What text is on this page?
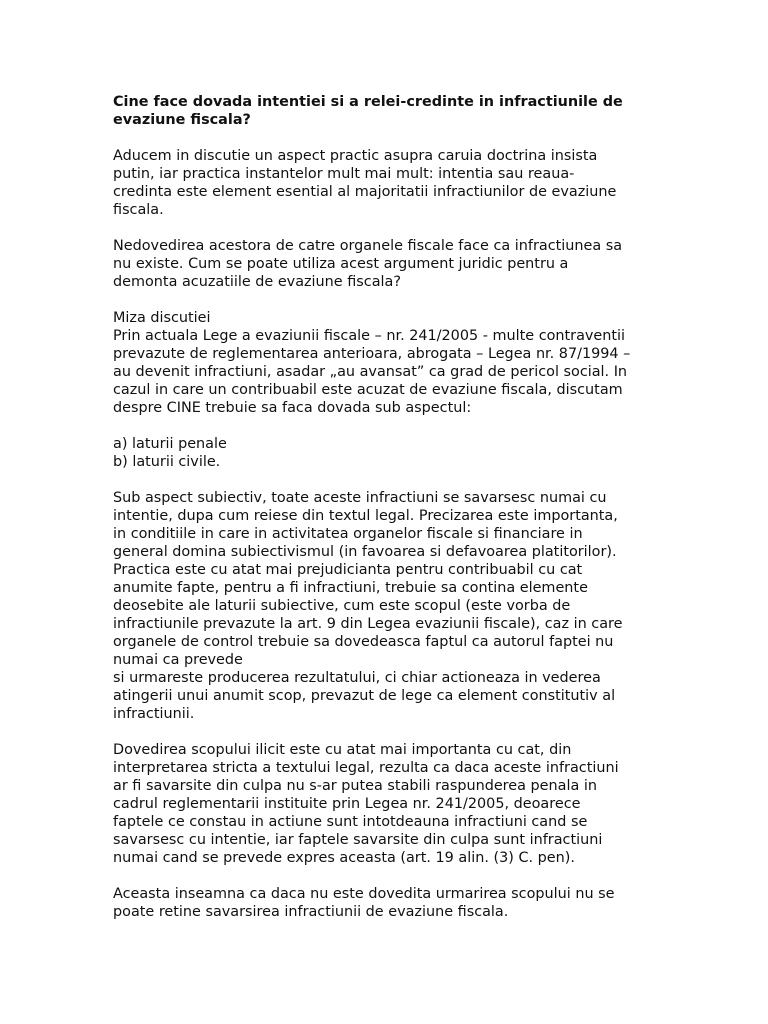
Cine face dovada intentiei si a relei-credinte in infractiunile de
evaziune fiscala?
Aducem in discutie un aspect practic asupra caruia doctrina insista
putin, iar practica instantelor mult mai mult: intentia sau reaua-
credinta este element esential al majoritatii infractiunilor de evaziune
fiscala.
Nedovedirea acestora de catre organele fiscale face ca infractiunea sa
nu existe. Cum se poate utiliza acest argument juridic pentru a
demonta acuzatiile de evaziune fiscala?
Miza discutiei
Prin actuala Lege a evaziunii fiscale – nr. 241/2005 - multe contraventii
prevazute de reglementarea anterioara, abrogata – Legea nr. 87/1994 –
au devenit infractiuni, asadar „au avansat” ca grad de pericol social. In
cazul in care un contribuabil este acuzat de evaziune fiscala, discutam
despre CINE trebuie sa faca dovada sub aspectul:
a) laturii penale
b) laturii civile.
Sub aspect subiectiv, toate aceste infractiuni se savarsesc numai cu
intentie, dupa cum reiese din textul legal. Precizarea este importanta,
in conditiile in care in activitatea organelor fiscale si financiare in
general domina subiectivismul (in favoarea si defavoarea platitorilor).
Practica este cu atat mai prejudicianta pentru contribuabil cu cat
anumite fapte, pentru a fi infractiuni, trebuie sa contina elemente
deosebite ale laturii subiective, cum este scopul (este vorba de
infractiunile prevazute la art. 9 din Legea evaziunii fiscale), caz in care
organele de control trebuie sa dovedeasca faptul ca autorul faptei nu
numai ca prevede
si urmareste producerea rezultatului, ci chiar actioneaza in vederea
atingerii unui anumit scop, prevazut de lege ca element constitutiv al
infractiunii.
Dovedirea scopului ilicit este cu atat mai importanta cu cat, din
interpretarea stricta a textului legal, rezulta ca daca aceste infractiuni
ar fi savarsite din culpa nu s-ar putea stabili raspunderea penala in
cadrul reglementarii instituite prin Legea nr. 241/2005, deoarece
faptele ce constau in actiune sunt intotdeauna infractiuni cand se
savarsesc cu intentie, iar faptele savarsite din culpa sunt infractiuni
numai cand se prevede expres aceasta (art. 19 alin. (3) C. pen).
Aceasta inseamna ca daca nu este dovedita urmarirea scopului nu se
poate retine savarsirea infractiunii de evaziune fiscala.
